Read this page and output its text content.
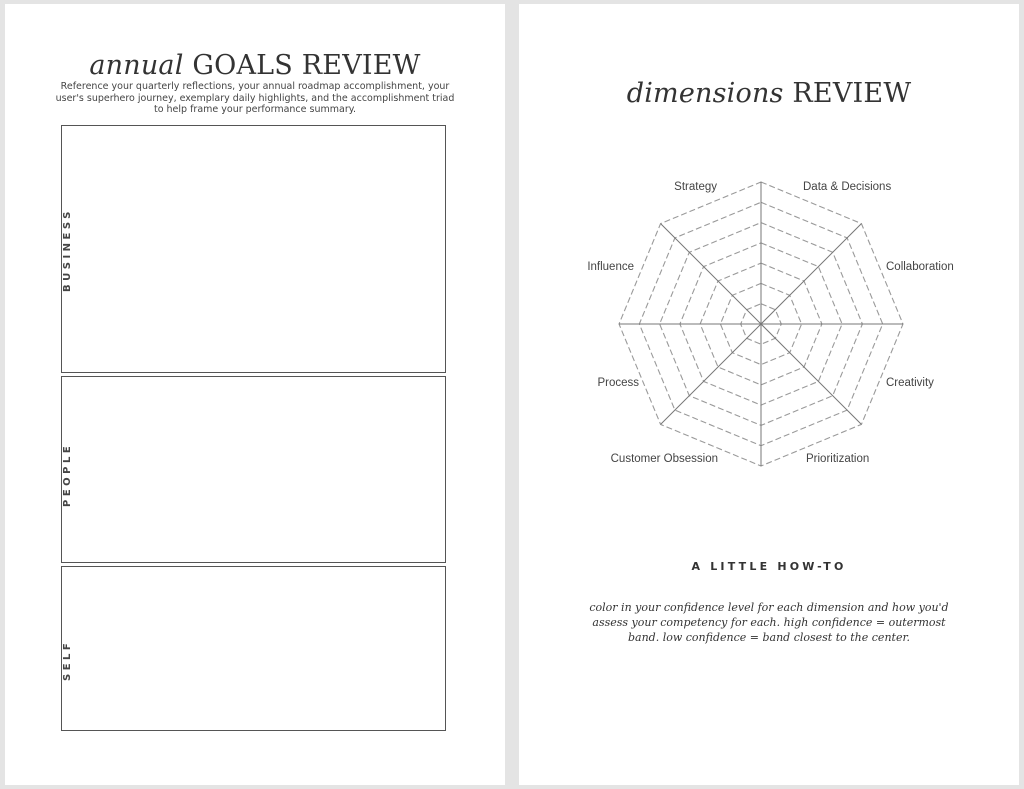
annual GOALS REVIEW
Reference your quarterly reflections, your annual roadmap accomplishment, your user's superhero journey, exemplary daily highlights, and the accomplishment triad to help frame your performance summary.
BUSINESS
PEOPLE
SELF
dimensions REVIEW
Data & Decisions
Collaboration
Creativity
Prioritization
Customer Obsession
Process
Influence
Strategy
A LITTLE HOW-TO
color in your confidence level for each dimension and how you'd assess your competency for each. high confidence = outermost band. low confidence = band closest to the center.
